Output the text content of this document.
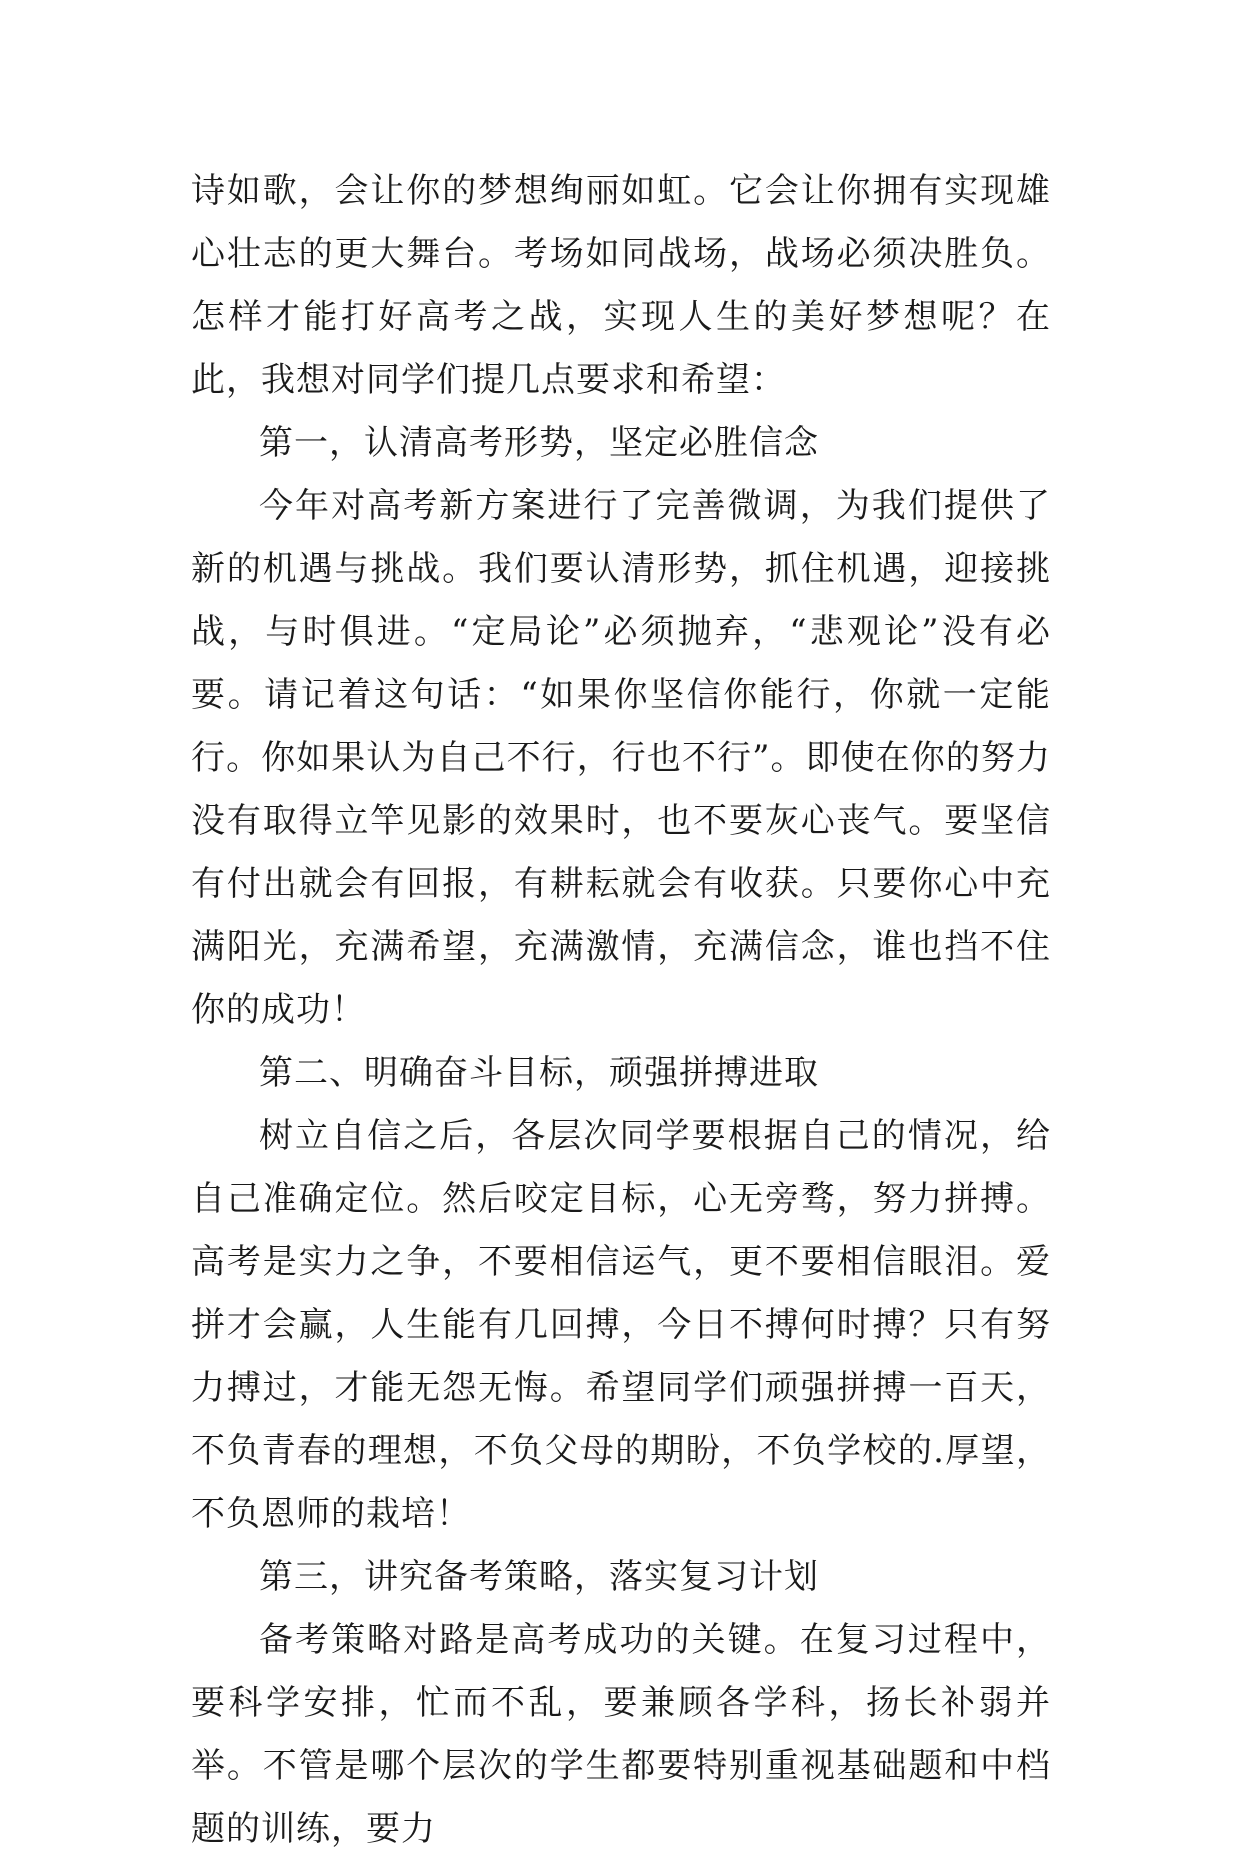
诗如歌，会让你的梦想绚丽如虹。它会让你拥有实现雄心壮志的更大舞台。考场如同战场，战场必须决胜负。怎样才能打好高考之战，实现人生的美好梦想呢？在此，我想对同学们提几点要求和希望：

第一，认清高考形势，坚定必胜信念

今年对高考新方案进行了完善微调，为我们提供了新的机遇与挑战。我们要认清形势，抓住机遇，迎接挑战，与时俱进。“定局论”必须抛弃，“悲观论”没有必要。请记着这句话：“如果你坚信你能行，你就一定能行。你如果认为自己不行，行也不行”。即使在你的努力没有取得立竿见影的效果时，也不要灰心丧气。要坚信有付出就会有回报，有耕耘就会有收获。只要你心中充满阳光，充满希望，充满激情，充满信念，谁也挡不住你的成功！

第二、明确奋斗目标，顽强拼搏进取

树立自信之后，各层次同学要根据自己的情况，给自己准确定位。然后咬定目标，心无旁骛，努力拼搏。高考是实力之争，不要相信运气，更不要相信眼泪。爱拼才会赢，人生能有几回搏，今日不搏何时搏？只有努力搏过，才能无怨无悔。希望同学们顽强拼搏一百天，不负青春的理想，不负父母的期盼，不负学校的.厚望，不负恩师的栽培！

第三，讲究备考策略，落实复习计划

备考策略对路是高考成功的关键。在复习过程中，要科学安排，忙而不乱，要兼顾各学科，扬长补弱并举。不管是哪个层次的学生都要特别重视基础题和中档题的训练，要力
